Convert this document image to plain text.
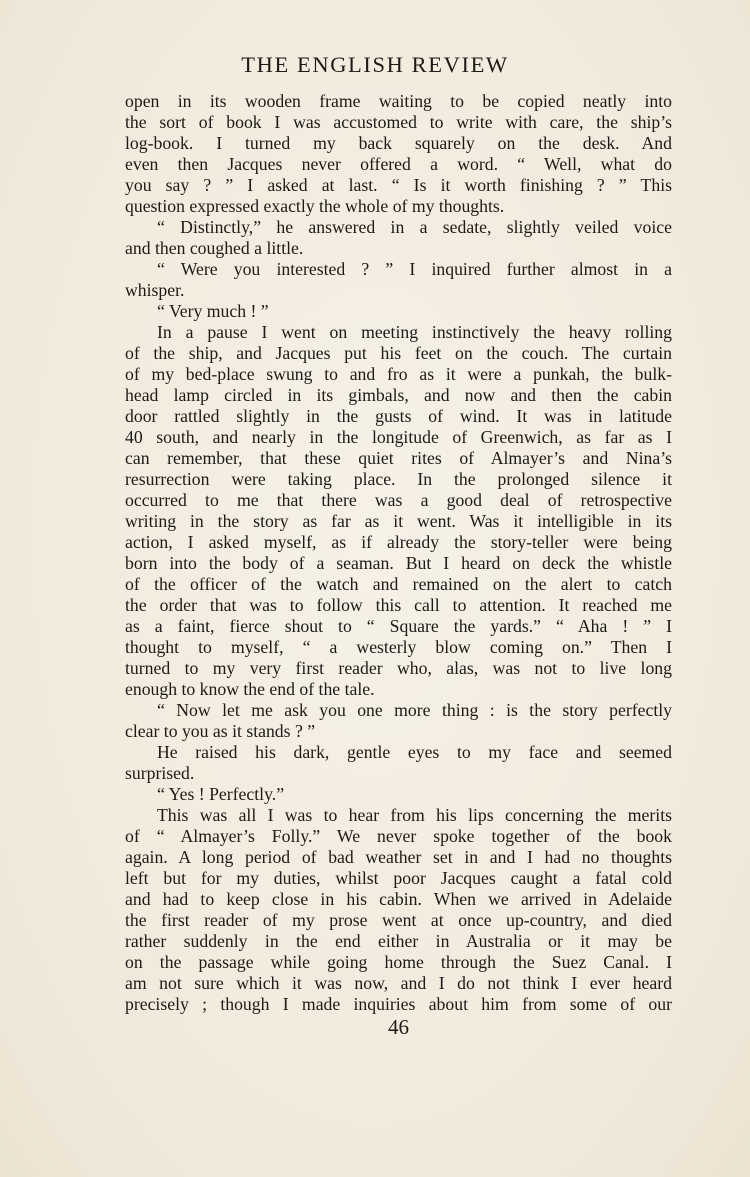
THE ENGLISH REVIEW
open in its wooden frame waiting to be copied neatly into
the sort of book I was accustomed to write with care, the ship’s
log-book. I turned my back squarely on the desk. And
even then Jacques never offered a word. “ Well, what do
you say ? ” I asked at last. “ Is it worth finishing ? ” This
question expressed exactly the whole of my thoughts.
“ Distinctly,” he answered in a sedate, slightly veiled voice
and then coughed a little.
“ Were you interested ? ” I inquired further almost in a
whisper.
“ Very much ! ”
In a pause I went on meeting instinctively the heavy rolling
of the ship, and Jacques put his feet on the couch. The curtain
of my bed-place swung to and fro as it were a punkah, the bulk-
head lamp circled in its gimbals, and now and then the cabin
door rattled slightly in the gusts of wind. It was in latitude
40 south, and nearly in the longitude of Greenwich, as far as I
can remember, that these quiet rites of Almayer’s and Nina’s
resurrection were taking place. In the prolonged silence it
occurred to me that there was a good deal of retrospective
writing in the story as far as it went. Was it intelligible in its
action, I asked myself, as if already the story-teller were being
born into the body of a seaman. But I heard on deck the whistle
of the officer of the watch and remained on the alert to catch
the order that was to follow this call to attention. It reached me
as a faint, fierce shout to “ Square the yards.” “ Aha ! ” I
thought to myself, “ a westerly blow coming on.” Then I
turned to my very first reader who, alas, was not to live long
enough to know the end of the tale.
“ Now let me ask you one more thing : is the story perfectly
clear to you as it stands ? ”
He raised his dark, gentle eyes to my face and seemed
surprised.
“ Yes ! Perfectly.”
This was all I was to hear from his lips concerning the merits
of “ Almayer’s Folly.” We never spoke together of the book
again. A long period of bad weather set in and I had no thoughts
left but for my duties, whilst poor Jacques caught a fatal cold
and had to keep close in his cabin. When we arrived in Adelaide
the first reader of my prose went at once up-country, and died
rather suddenly in the end either in Australia or it may be
on the passage while going home through the Suez Canal. I
am not sure which it was now, and I do not think I ever heard
precisely ; though I made inquiries about him from some of our
46
